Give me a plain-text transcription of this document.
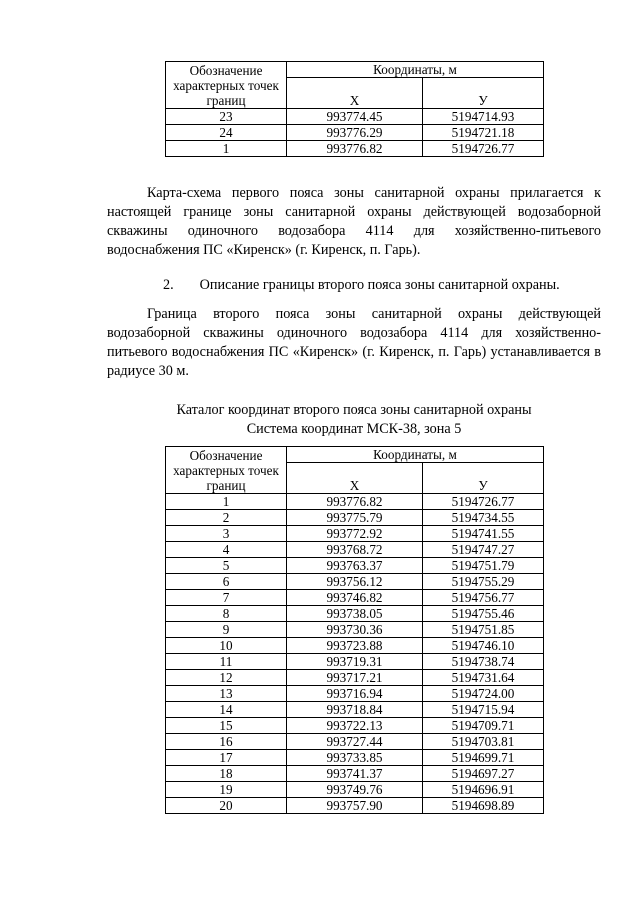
Обозначение характерных точек границ	Координаты, м	
	X	У
23	993774.45	5194714.93
24	993776.29	5194721.18
1	993776.82	5194726.77

Карта-схема первого пояса зоны санитарной охраны прилагается к настоящей границе зоны санитарной охраны действующей водозаборной скважины одиночного водозабора 4114 для хозяйственно-питьевого водоснабжения ПС «Киренск» (г. Киренск, п. Гарь).

2. Описание границы второго пояса зоны санитарной охраны.

Граница второго пояса зоны санитарной охраны действующей водозаборной скважины одиночного водозабора 4114 для хозяйственно-питьевого водоснабжения ПС «Киренск» (г. Киренск, п. Гарь) устанавливается в радиусе 30 м.

Каталог координат второго пояса зоны санитарной охраны
Система координат МСК-38, зона 5
Обозначение характерных точек границ	Координаты, м	
	X	У
1	993776.82	5194726.77
2	993775.79	5194734.55
3	993772.92	5194741.55
4	993768.72	5194747.27
5	993763.37	5194751.79
6	993756.12	5194755.29
7	993746.82	5194756.77
8	993738.05	5194755.46
9	993730.36	5194751.85
10	993723.88	5194746.10
11	993719.31	5194738.74
12	993717.21	5194731.64
13	993716.94	5194724.00
14	993718.84	5194715.94
15	993722.13	5194709.71
16	993727.44	5194703.81
17	993733.85	5194699.71
18	993741.37	5194697.27
19	993749.76	5194696.91
20	993757.90	5194698.89
